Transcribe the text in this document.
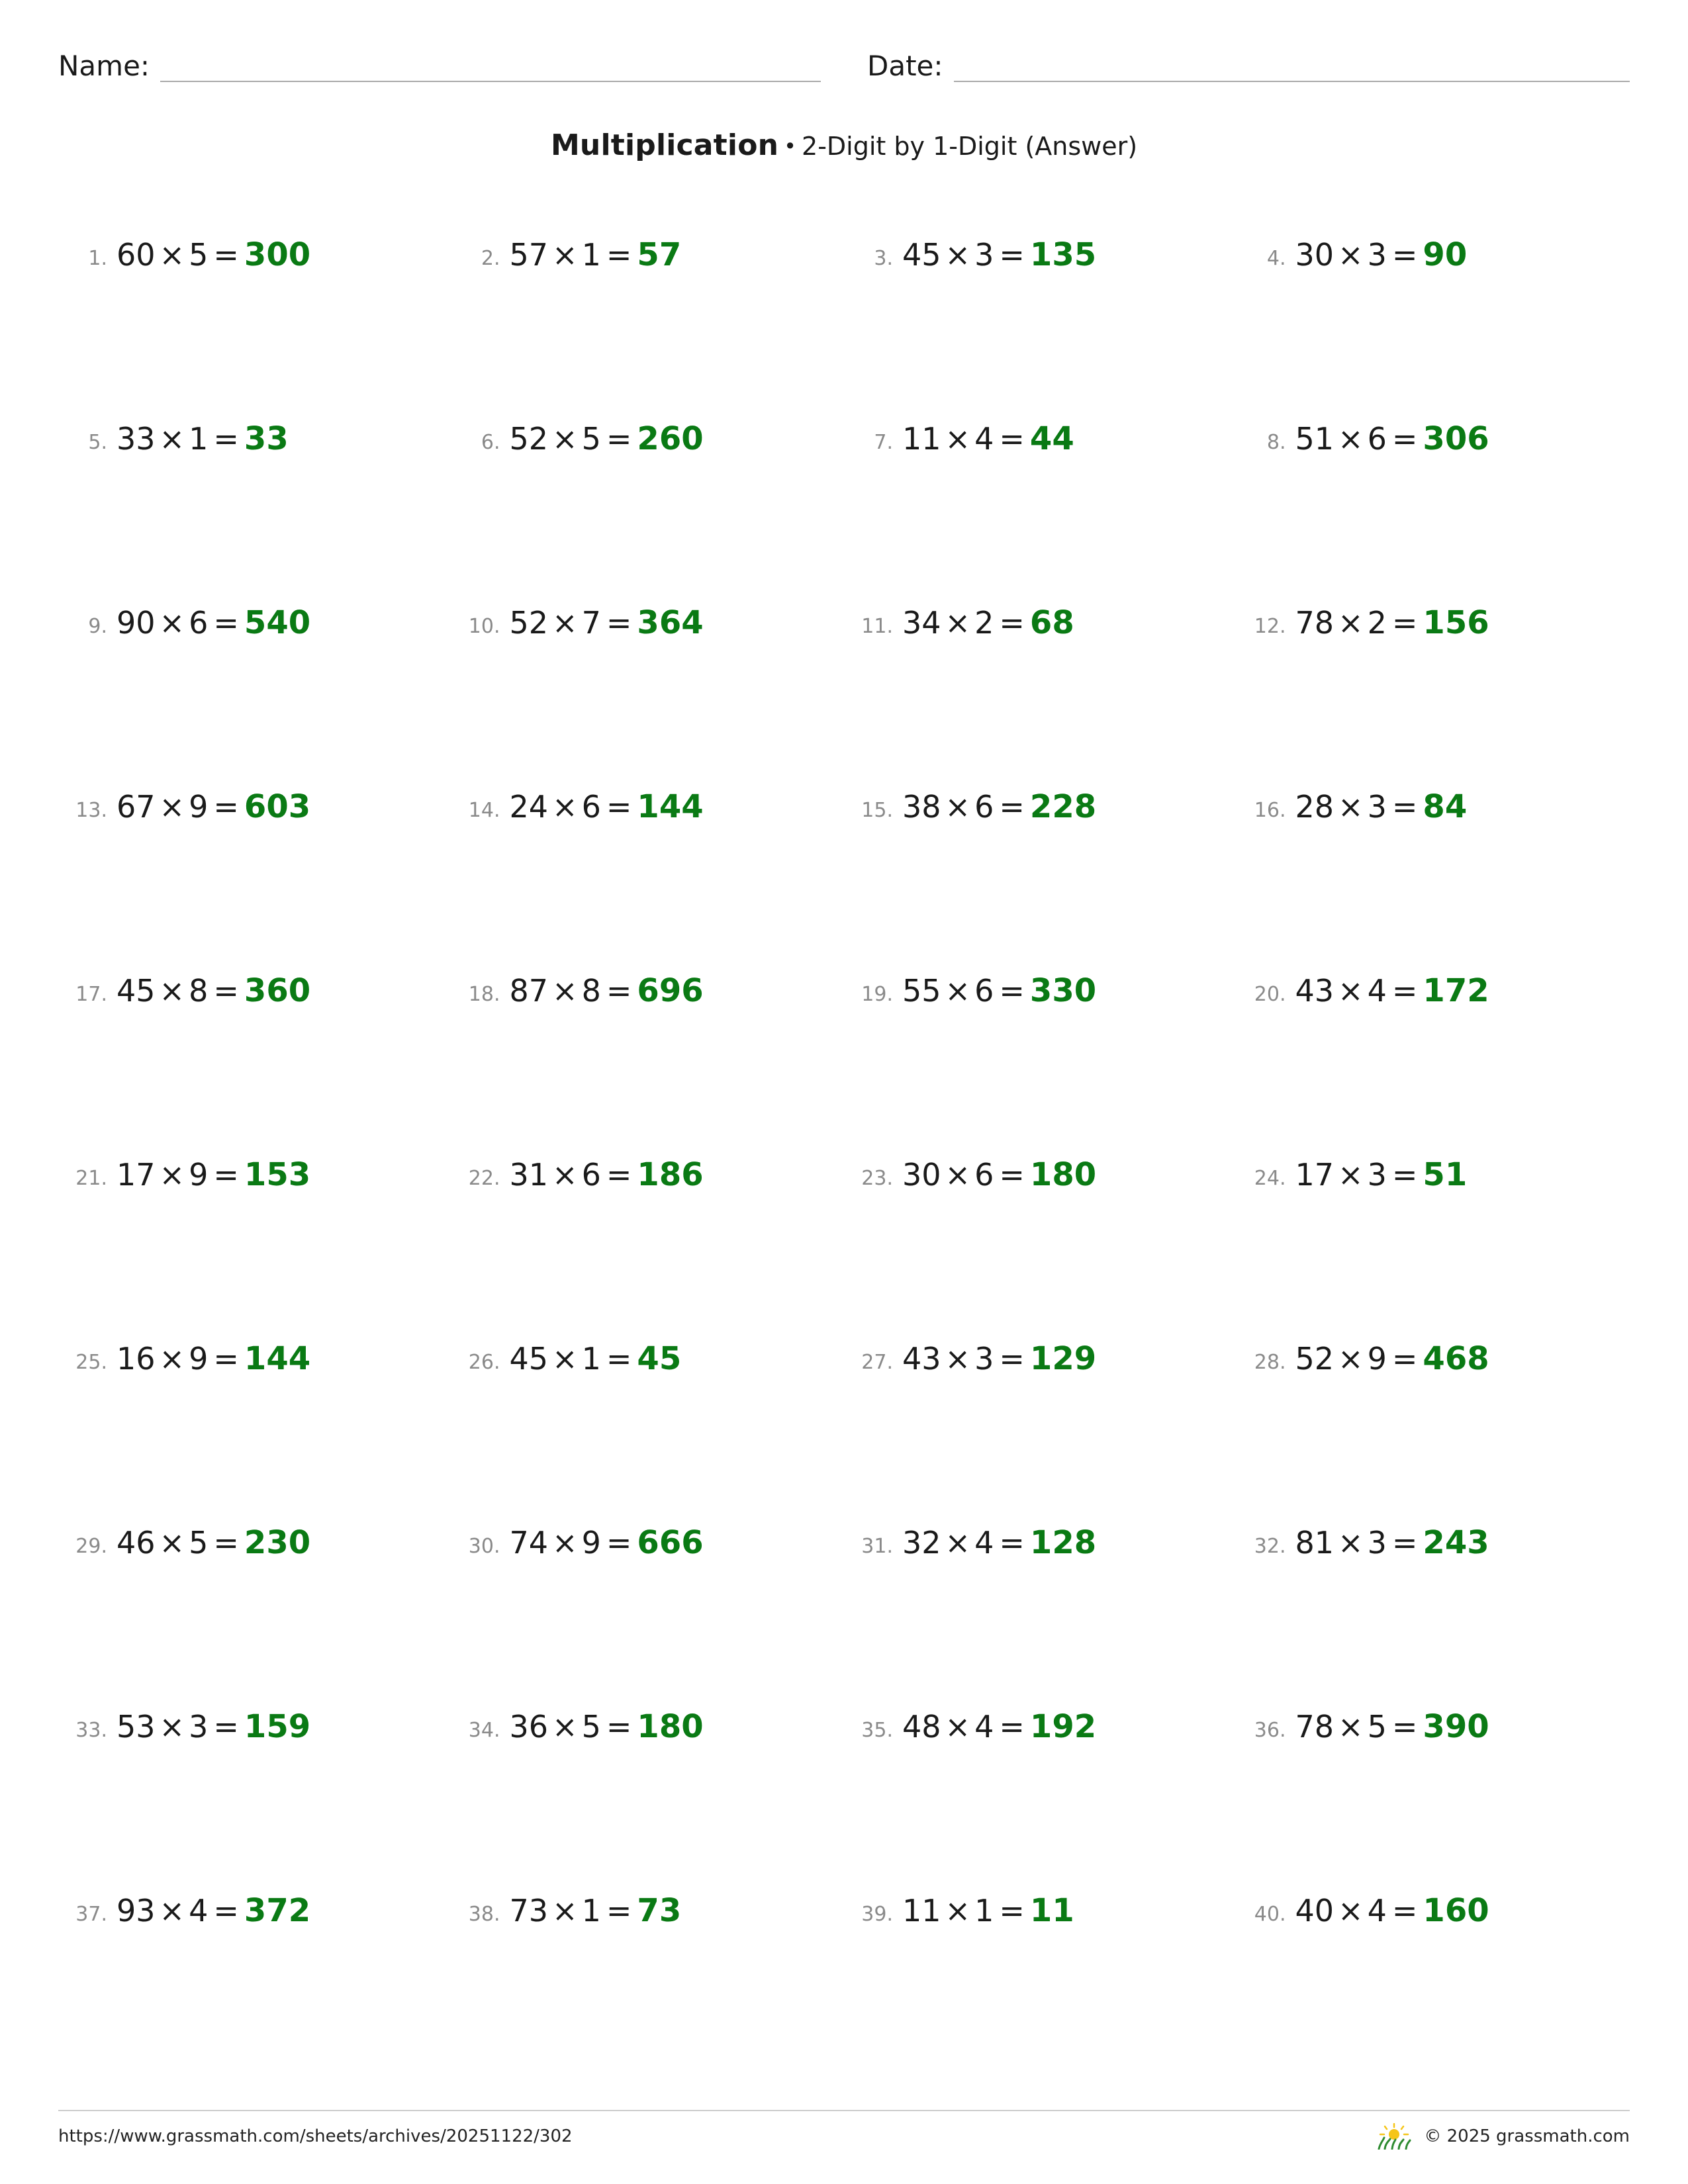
Name:	Date:
Multiplication • 2-Digit by 1-Digit (Answer)
1. 60 × 5 = 300	2. 57 × 1 = 57	3. 45 × 3 = 135	4. 30 × 3 = 90
5. 33 × 1 = 33	6. 52 × 5 = 260	7. 11 × 4 = 44	8. 51 × 6 = 306
9. 90 × 6 = 540	10. 52 × 7 = 364	11. 34 × 2 = 68	12. 78 × 2 = 156
13. 67 × 9 = 603	14. 24 × 6 = 144	15. 38 × 6 = 228	16. 28 × 3 = 84
17. 45 × 8 = 360	18. 87 × 8 = 696	19. 55 × 6 = 330	20. 43 × 4 = 172
21. 17 × 9 = 153	22. 31 × 6 = 186	23. 30 × 6 = 180	24. 17 × 3 = 51
25. 16 × 9 = 144	26. 45 × 1 = 45	27. 43 × 3 = 129	28. 52 × 9 = 468
29. 46 × 5 = 230	30. 74 × 9 = 666	31. 32 × 4 = 128	32. 81 × 3 = 243
33. 53 × 3 = 159	34. 36 × 5 = 180	35. 48 × 4 = 192	36. 78 × 5 = 390
37. 93 × 4 = 372	38. 73 × 1 = 73	39. 11 × 1 = 11	40. 40 × 4 = 160
https://www.grassmath.com/sheets/archives/20251122/302	© 2025 grassmath.com
